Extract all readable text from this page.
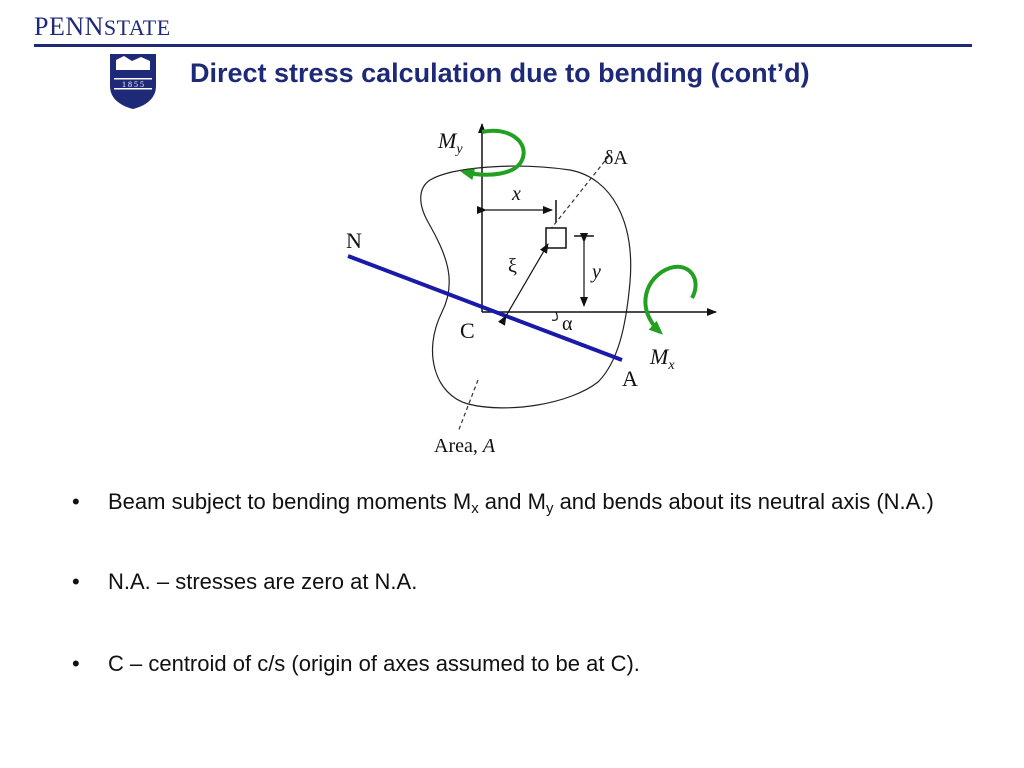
PENNSTATE
1 8 5 5 Direct stress calculation due to bending (cont’d)
$M_y$	δA
x
N
ξ	y
C	α
$M_x$
A
Area, A
• Beam subject to bending moments $M_x$ and $M_y$ and bends about its neutral axis (N.A.)
• N.A. – stresses are zero at N.A.
• C – centroid of c/s (origin of axes assumed to be at C).
